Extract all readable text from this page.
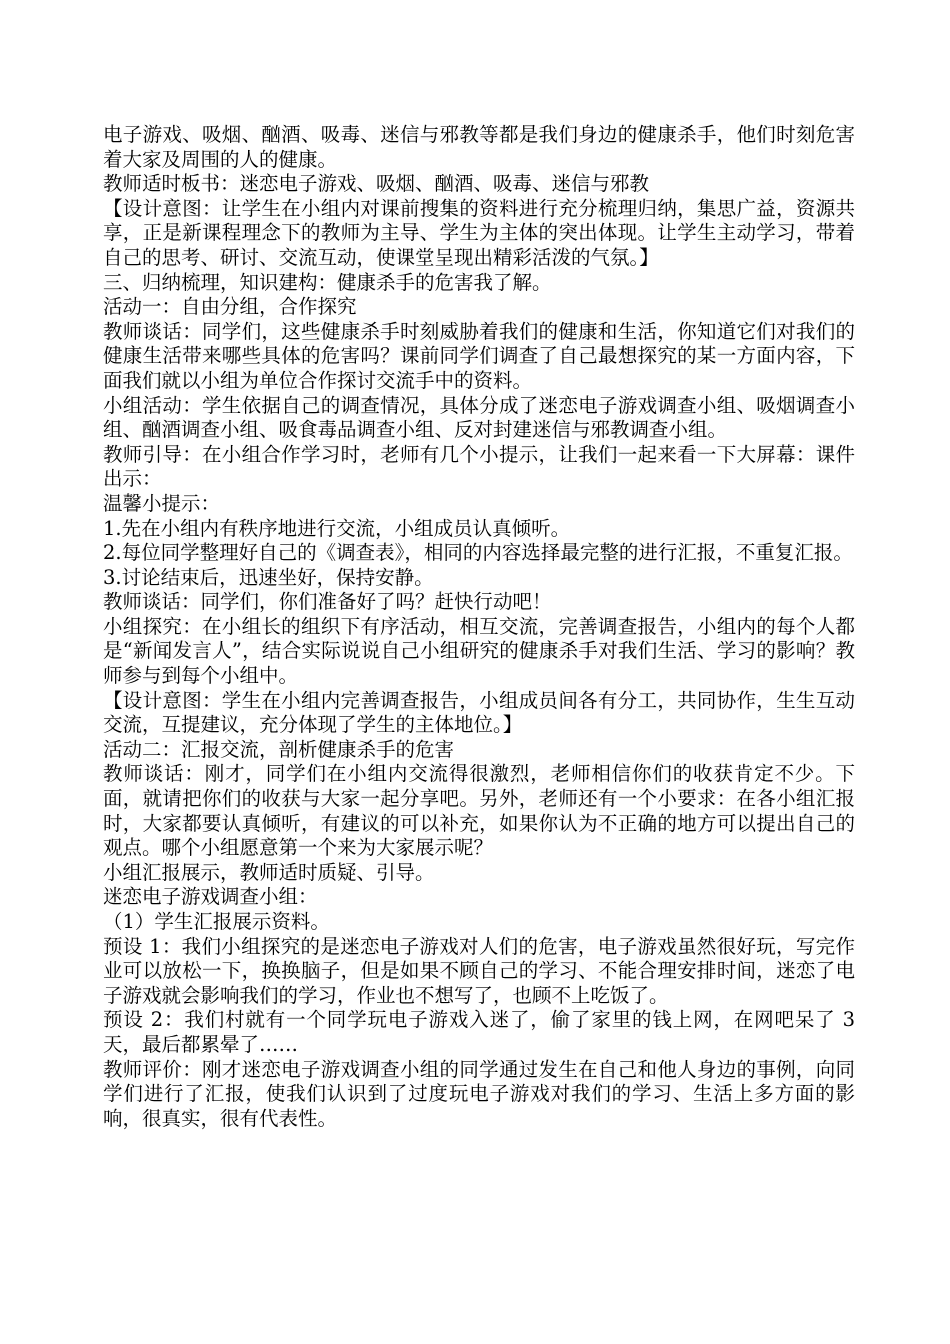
电子游戏、吸烟、酗酒、吸毒、迷信与邪教等都是我们身边的健康杀手，他们时刻危害着大家及周围的人的健康。

教师适时板书：迷恋电子游戏、吸烟、酗酒、吸毒、迷信与邪教

【设计意图：让学生在小组内对课前搜集的资料进行充分梳理归纳，集思广益，资源共享，正是新课程理念下的教师为主导、学生为主体的突出体现。让学生主动学习，带着自己的思考、研讨、交流互动，使课堂呈现出精彩活泼的气氛。】

三、归纳梳理，知识建构：健康杀手的危害我了解。

活动一：自由分组，合作探究

教师谈话：同学们，这些健康杀手时刻威胁着我们的健康和生活，你知道它们对我们的健康生活带来哪些具体的危害吗？课前同学们调查了自己最想探究的某一方面内容，下面我们就以小组为单位合作探讨交流手中的资料。

小组活动：学生依据自己的调查情况，具体分成了迷恋电子游戏调查小组、吸烟调查小组、酗酒调查小组、吸食毒品调查小组、反对封建迷信与邪教调查小组。

教师引导：在小组合作学习时，老师有几个小提示，让我们一起来看一下大屏幕：课件出示：

温馨小提示：

1.先在小组内有秩序地进行交流，小组成员认真倾听。

2.每位同学整理好自己的《调查表》，相同的内容选择最完整的进行汇报，不重复汇报。

3.讨论结束后，迅速坐好，保持安静。

教师谈话：同学们，你们准备好了吗？赶快行动吧！

小组探究：在小组长的组织下有序活动，相互交流，完善调查报告，小组内的每个人都是“新闻发言人”，结合实际说说自己小组研究的健康杀手对我们生活、学习的影响？教师参与到每个小组中。

【设计意图：学生在小组内完善调查报告，小组成员间各有分工，共同协作，生生互动交流，互提建议，充分体现了学生的主体地位。】

活动二：汇报交流，剖析健康杀手的危害

教师谈话：刚才，同学们在小组内交流得很激烈，老师相信你们的收获肯定不少。下面，就请把你们的收获与大家一起分享吧。另外，老师还有一个小要求：在各小组汇报时，大家都要认真倾听，有建议的可以补充，如果你认为不正确的地方可以提出自己的观点。哪个小组愿意第一个来为大家展示呢？

小组汇报展示，教师适时质疑、引导。

迷恋电子游戏调查小组：

（1）学生汇报展示资料。

预设 1：我们小组探究的是迷恋电子游戏对人们的危害，电子游戏虽然很好玩，写完作业可以放松一下，换换脑子，但是如果不顾自己的学习、不能合理安排时间，迷恋了电子游戏就会影响我们的学习，作业也不想写了，也顾不上吃饭了。

预设 2：我们村就有一个同学玩电子游戏入迷了，偷了家里的钱上网，在网吧呆了 3 天，最后都累晕了……

教师评价：刚才迷恋电子游戏调查小组的同学通过发生在自己和他人身边的事例，向同学们进行了汇报，使我们认识到了过度玩电子游戏对我们的学习、生活上多方面的影响，很真实，很有代表性。
